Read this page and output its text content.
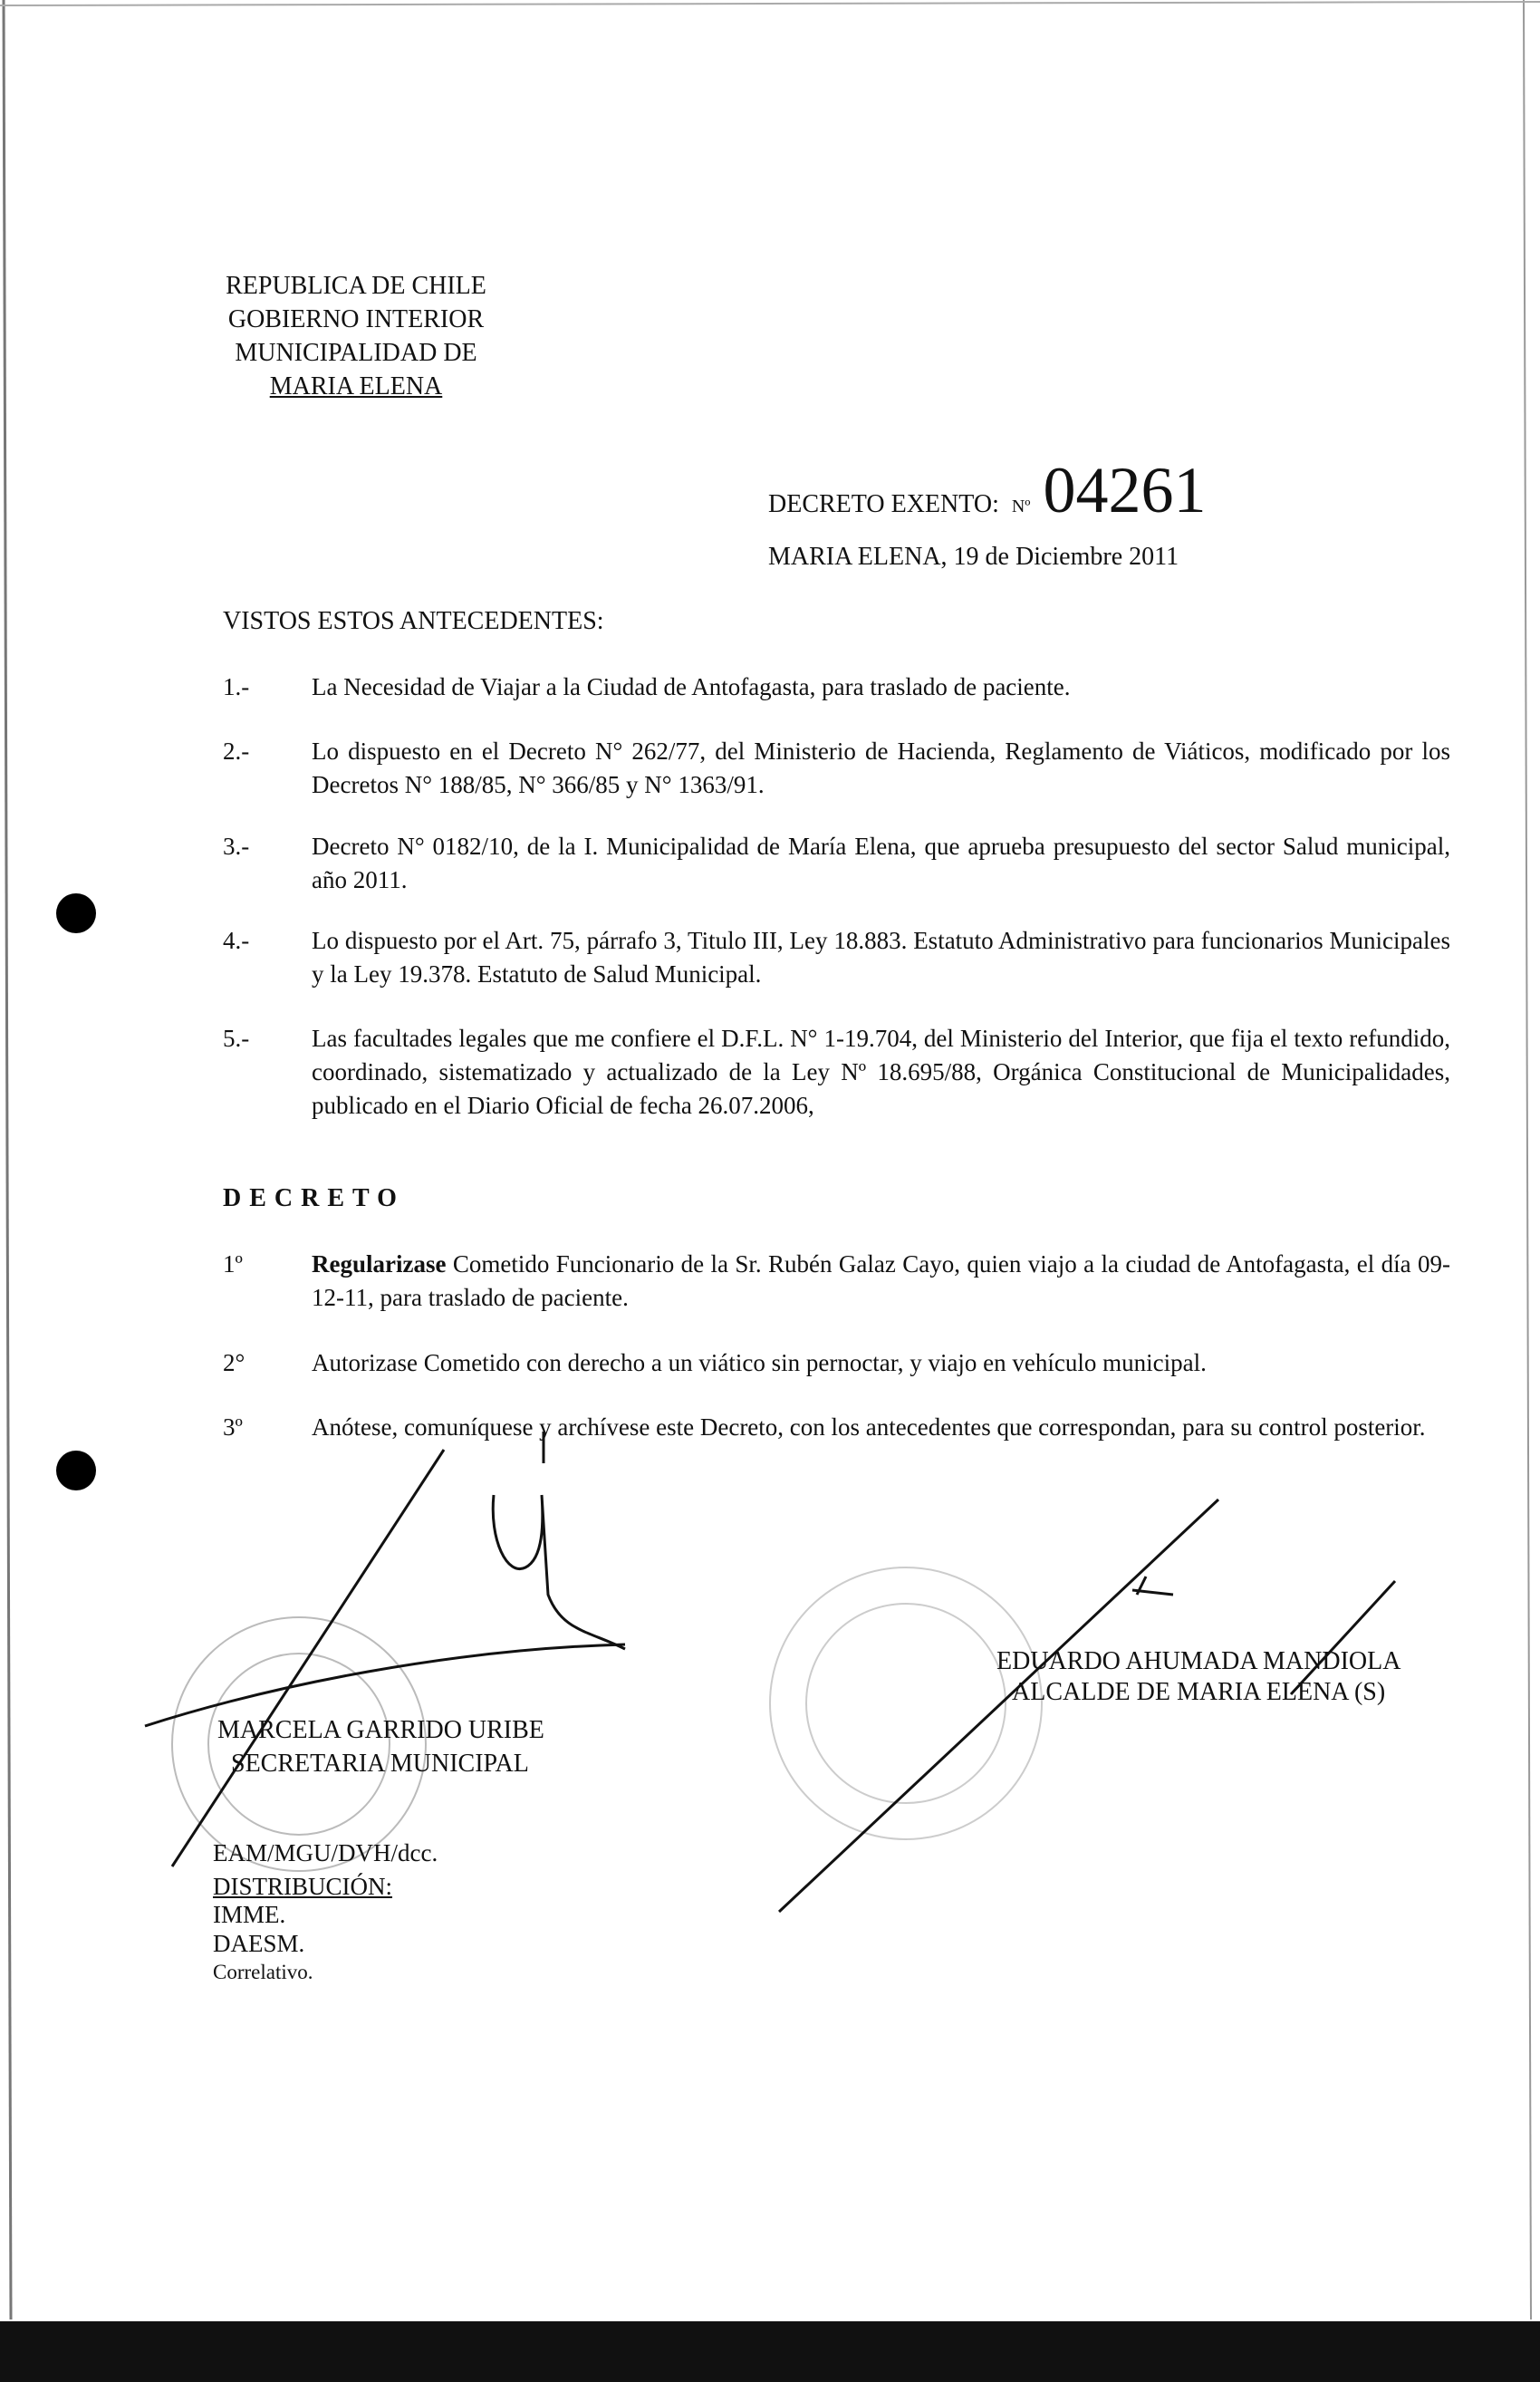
REPUBLICA DE CHILE
GOBIERNO INTERIOR
MUNICIPALIDAD DE
MARIA ELENA
DECRETO EXENTO: Nº 04261
MARIA ELENA, 19 de Diciembre 2011
VISTOS ESTOS ANTECEDENTES:
1.-	La Necesidad de Viajar a la Ciudad de Antofagasta, para traslado de paciente.
2.-	Lo dispuesto en el Decreto N° 262/77, del Ministerio de Hacienda, Reglamento de Viáticos, modificado por los Decretos N° 188/85, N° 366/85 y N° 1363/91.
3.-	Decreto N° 0182/10, de la I. Municipalidad de María Elena, que aprueba presupuesto del sector Salud municipal, año 2011.
4.-	Lo dispuesto por el Art. 75, párrafo 3, Titulo III, Ley 18.883. Estatuto Administrativo para funcionarios Municipales y la Ley 19.378. Estatuto de Salud Municipal.
5.-	Las facultades legales que me confiere el D.F.L. N° 1-19.704, del Ministerio del Interior, que fija el texto refundido, coordinado, sistematizado y actualizado de la Ley Nº 18.695/88, Orgánica Constitucional de Municipalidades, publicado en el Diario Oficial de fecha 26.07.2006,
DECRETO
1º	Regularizase Cometido Funcionario de la Sr. Rubén Galaz Cayo, quien viajo a la ciudad de Antofagasta, el día 09-12-11, para traslado de paciente.
2°	Autorizase Cometido con derecho a un viático sin pernoctar, y viajo en vehículo municipal.
3º	Anótese, comuníquese y archívese este Decreto, con los antecedentes que correspondan, para su control posterior.
MARCELA GARRIDO URIBE
SECRETARIA MUNICIPAL
EDUARDO AHUMADA MANDIOLA
ALCALDE DE MARIA ELENA (S)
EAM/MGU/DVH/dcc.
DISTRIBUCIÓN:
IMME.
DAESM.
Correlativo.
